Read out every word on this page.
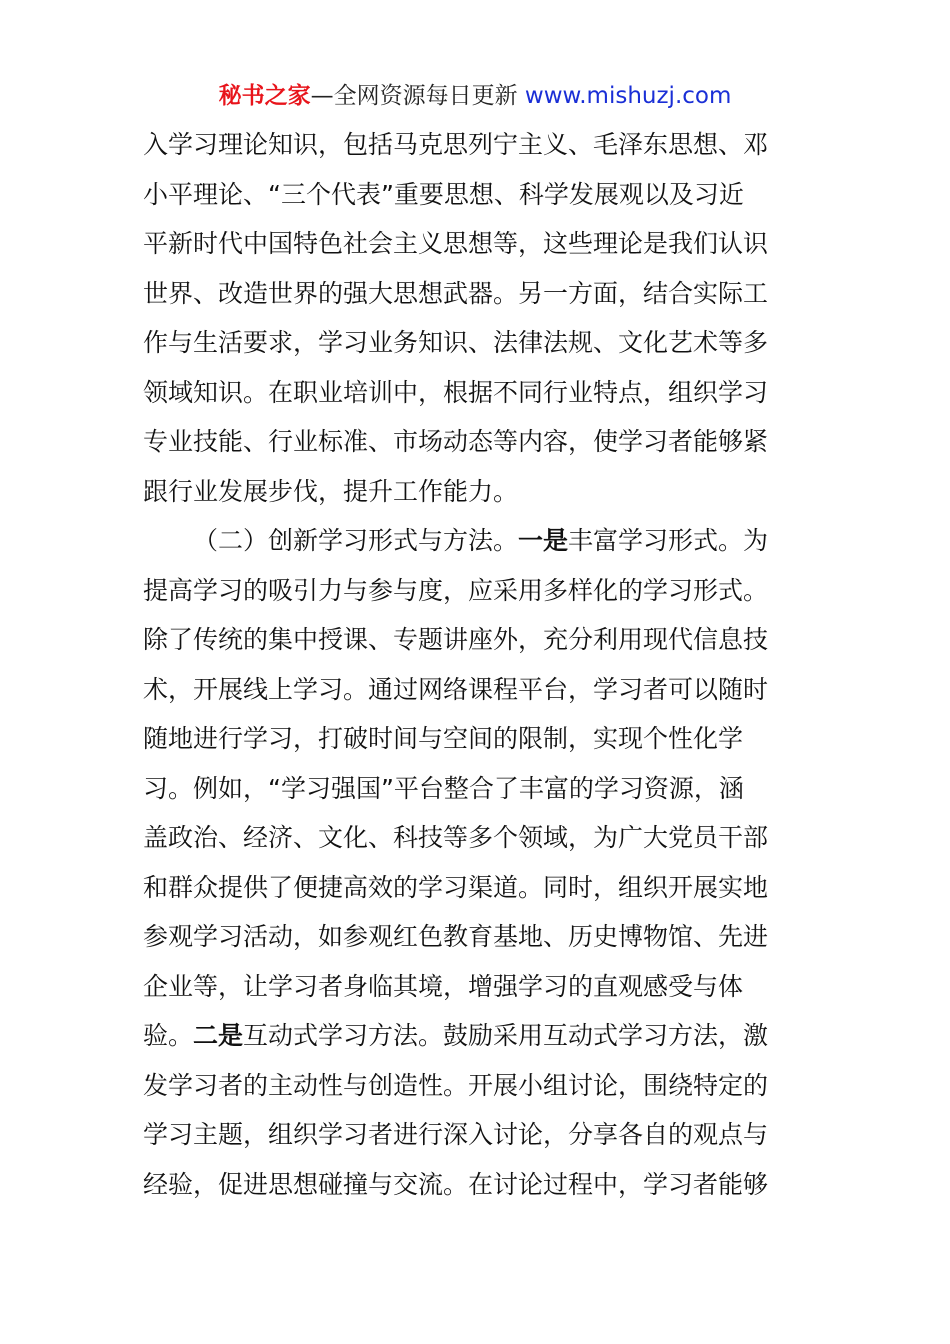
秘书之家—全网资源每日更新 www.mishuzj.com
入学习理论知识，包括马克思列宁主义、毛泽东思想、邓
小平理论、“三个代表”重要思想、科学发展观以及习近
平新时代中国特色社会主义思想等，这些理论是我们认识
世界、改造世界的强大思想武器。另一方面，结合实际工
作与生活要求，学习业务知识、法律法规、文化艺术等多
领域知识。在职业培训中，根据不同行业特点，组织学习
专业技能、行业标准、市场动态等内容，使学习者能够紧
跟行业发展步伐，提升工作能力。
（二）创新学习形式与方法。一是丰富学习形式。为
提高学习的吸引力与参与度，应采用多样化的学习形式。
除了传统的集中授课、专题讲座外，充分利用现代信息技
术，开展线上学习。通过网络课程平台，学习者可以随时
随地进行学习，打破时间与空间的限制，实现个性化学
习。例如，“学习强国”平台整合了丰富的学习资源，涵
盖政治、经济、文化、科技等多个领域，为广大党员干部
和群众提供了便捷高效的学习渠道。同时，组织开展实地
参观学习活动，如参观红色教育基地、历史博物馆、先进
企业等，让学习者身临其境，增强学习的直观感受与体
验。二是互动式学习方法。鼓励采用互动式学习方法，激
发学习者的主动性与创造性。开展小组讨论，围绕特定的
学习主题，组织学习者进行深入讨论，分享各自的观点与
经验，促进思想碰撞与交流。在讨论过程中，学习者能够
